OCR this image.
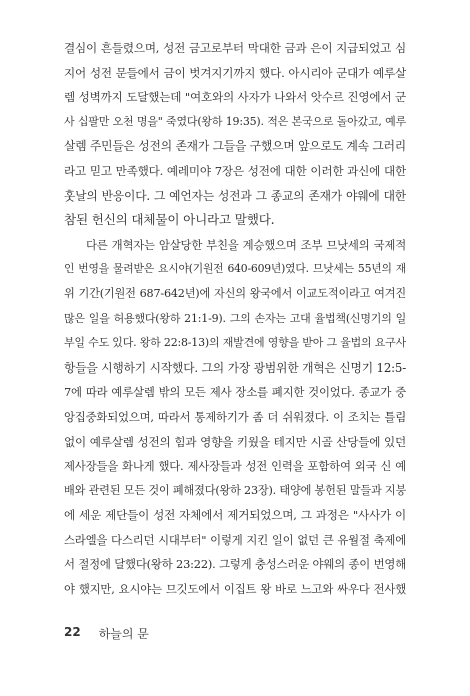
결심이 흔들렸으며, 성전 금고로부터 막대한 금과 은이 지급되었고 심
지어 성전 문들에서 금이 벗겨지기까지 했다. 아시리아 군대가 예루살
렘 성벽까지 도달했는데 "여호와의 사자가 나와서 앗수르 진영에서 군
사 십팔만 오천 명을" 죽였다(왕하 19:35). 적은 본국으로 돌아갔고, 예루
살렘 주민들은 성전의 존재가 그들을 구했으며 앞으로도 계속 그러리
라고 믿고 만족했다. 예레미야 7장은 성전에 대한 이러한 과신에 대한
훗날의 반응이다. 그 예언자는 성전과 그 종교의 존재가 야웨에 대한
참된 헌신의 대체물이 아니라고 말했다.
다른 개혁자는 암살당한 부친을 계승했으며 조부 므낫세의 국제적
인 번영을 물려받은 요시야(기원전 640-609년)였다. 므낫세는 55년의 재
위 기간(기원전 687-642년)에 자신의 왕국에서 이교도적이라고 여겨진
많은 일을 허용했다(왕하 21:1-9). 그의 손자는 고대 율법책(신명기의 일
부일 수도 있다. 왕하 22:8-13)의 재발견에 영향을 받아 그 율법의 요구사
항들을 시행하기 시작했다. 그의 가장 광범위한 개혁은 신명기 12:5-
7에 따라 예루살렘 밖의 모든 제사 장소를 폐지한 것이었다. 종교가 중
앙집중화되었으며, 따라서 통제하기가 좀 더 쉬워졌다. 이 조치는 틀림
없이 예루살렘 성전의 힘과 영향을 키웠을 테지만 시골 산당들에 있던
제사장들을 화나게 했다. 제사장들과 성전 인력을 포함하여 외국 신 예
배와 관련된 모든 것이 폐해졌다(왕하 23장). 태양에 봉헌된 말들과 지붕
에 세운 제단들이 성전 자체에서 제거되었으며, 그 과정은 "사사가 이
스라엘을 다스리던 시대부터" 이렇게 지킨 일이 없던 큰 유월절 축제에
서 절정에 달했다(왕하 23:22). 그렇게 충성스러운 야웨의 종이 번영해
야 했지만, 요시야는 므깃도에서 이집트 왕 바로 느고와 싸우다 전사했
22 하늘의 문
